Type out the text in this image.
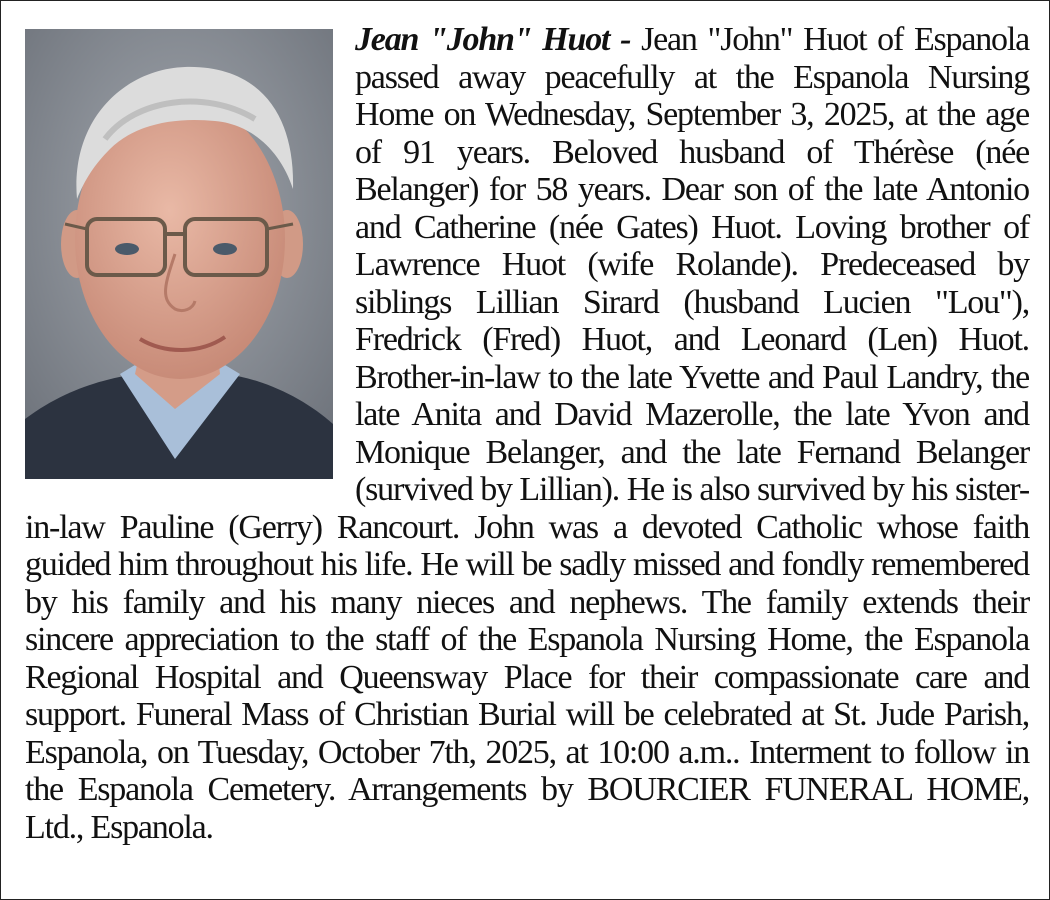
Jean "John" Huot - Jean "John" Huot of Espanola passed away peacefully at the Espanola Nursing Home on Wednesday, September 3, 2025, at the age of 91 years. Beloved husband of Thérèse (née Belanger) for 58 years. Dear son of the late Antonio and Catherine (née Gates) Huot. Loving brother of Lawrence Huot (wife Rolande). Predeceased by siblings Lillian Sirard (husband Lucien "Lou"), Fredrick (Fred) Huot, and Leonard (Len) Huot. Brother-in-law to the late Yvette and Paul Landry, the late Anita and David Mazerolle, the late Yvon and Monique Belanger, and the late Fernand Belanger (survived by Lillian). He is also survived by his sister-in-law Pauline (Gerry) Rancourt. John was a devoted Catholic whose faith guided him throughout his life. He will be sadly missed and fondly remembered by his family and his many nieces and nephews. The family extends their sincere appreciation to the staff of the Espanola Nursing Home, the Espanola Regional Hospital and Queensway Place for their compassionate care and support. Funeral Mass of Christian Burial will be celebrated at St. Jude Parish, Espanola, on Tuesday, October 7th, 2025, at 10:00 a.m.. Interment to follow in the Espanola Cemetery. Arrangements by BOURCIER FUNERAL HOME, Ltd., Espanola.
